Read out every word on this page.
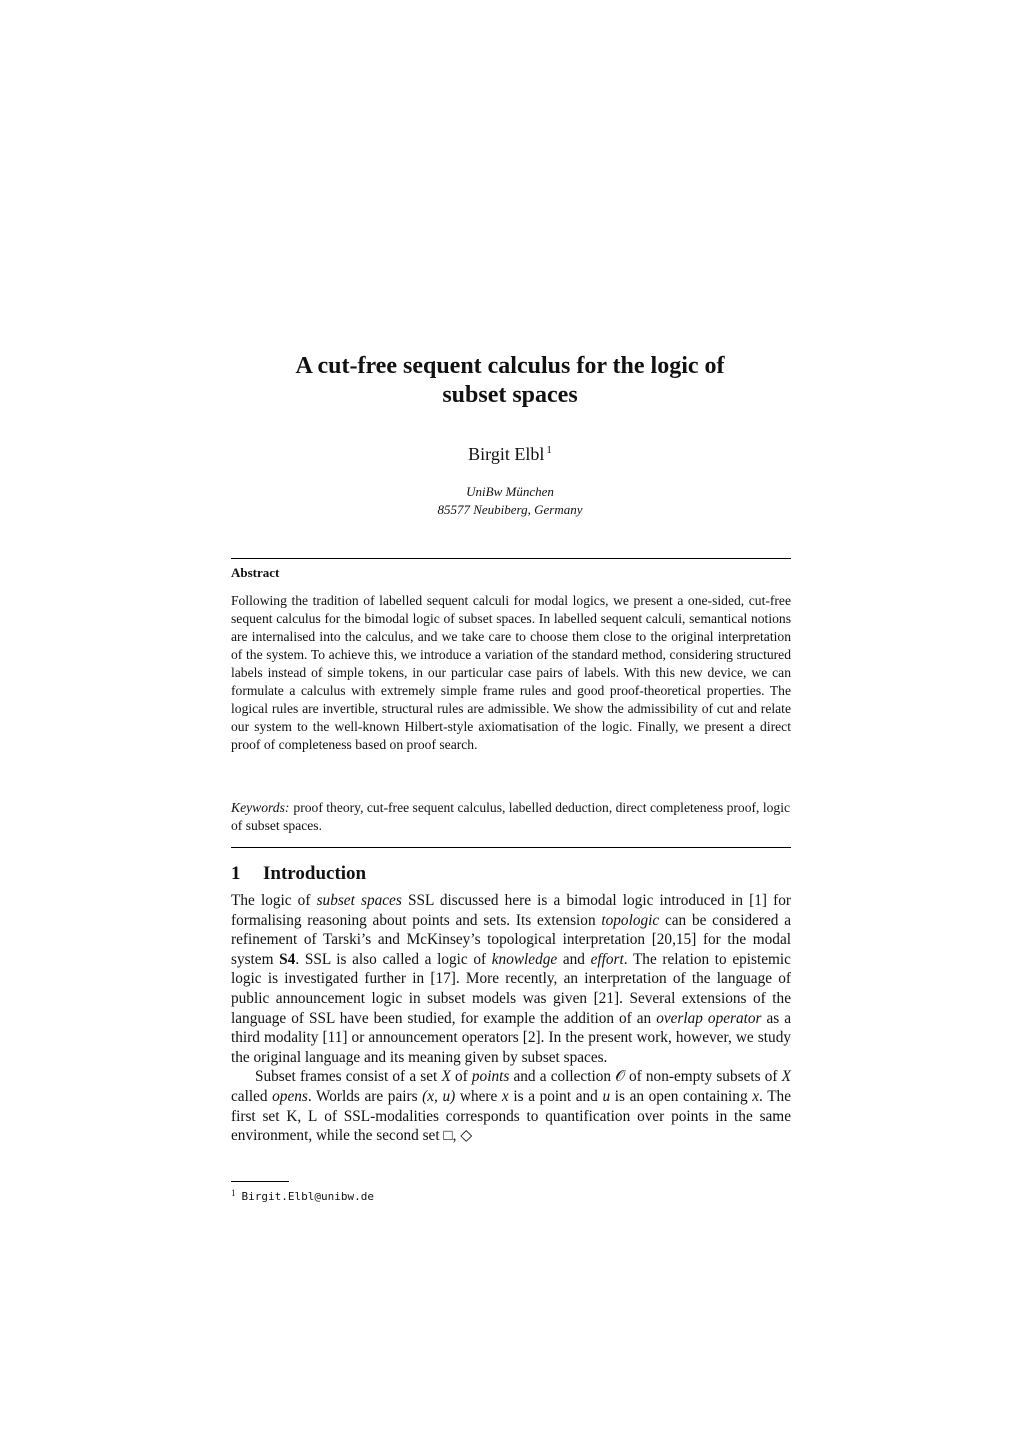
A cut-free sequent calculus for the logic of
subset spaces
Birgit Elbl $^1$
UniBw München
85577 Neubiberg, Germany
Abstract

Following the tradition of labelled sequent calculi for modal logics, we present a one-sided, cut-free sequent calculus for the bimodal logic of subset spaces. In labelled sequent calculi, semantical notions are internalised into the calculus, and we take care to choose them close to the original interpretation of the system. To achieve this, we introduce a variation of the standard method, considering structured labels instead of simple tokens, in our particular case pairs of labels. With this new device, we can formulate a calculus with extremely simple frame rules and good proof-theoretical properties. The logical rules are invertible, structural rules are admissible. We show the admissibility of cut and relate our system to the well-known Hilbert-style axiomatisation of the logic. Finally, we present a direct proof of completeness based on proof search.

Keywords: proof theory, cut-free sequent calculus, labelled deduction, direct completeness proof, logic of subset spaces.

1 Introduction

The logic of subset spaces SSL discussed here is a bimodal logic introduced in [1] for formalising reasoning about points and sets. Its extension topologic can be considered a refinement of Tarski’s and McKinsey’s topological interpretation [20,15] for the modal system S4. SSL is also called a logic of knowledge and effort. The relation to epistemic logic is investigated further in [17]. More recently, an interpretation of the language of public announcement logic in subset models was given [21]. Several extensions of the language of SSL have been studied, for example the addition of an overlap operator as a third modality [11] or announcement operators [2]. In the present work, however, we study the original language and its meaning given by subset spaces.

Subset frames consist of a set X of points and a collection 𝒪 of non-empty subsets of X called opens. Worlds are pairs (x, u) where x is a point and u is an open containing x. The first set K, L of SSL-modalities corresponds to quantification over points in the same environment, while the second set □, ◇

$^1$ Birgit.Elbl@unibw.de
